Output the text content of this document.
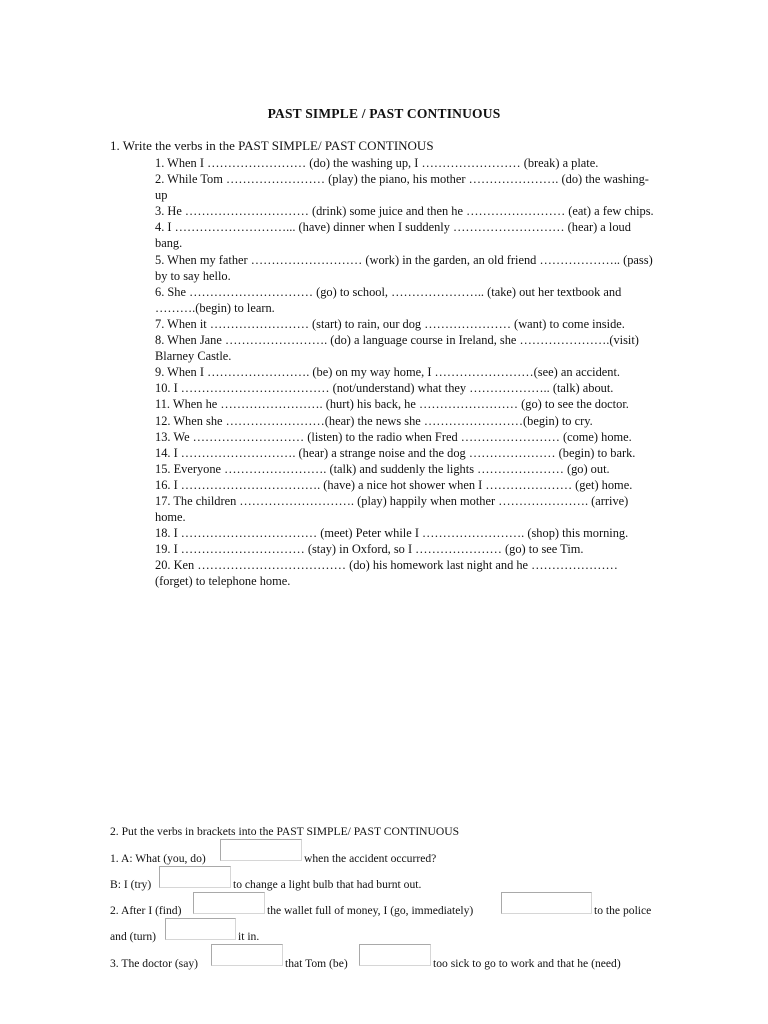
PAST SIMPLE / PAST CONTINUOUS
1. Write the verbs in the PAST SIMPLE/ PAST CONTINOUS

1. When I …………………… (do) the washing up, I …………………… (break) a plate.

2. While Tom …………………… (play) the piano, his mother …………………. (do) the washing-up

3. He ………………………… (drink) some juice and then he …………………… (eat) a few chips.

4. I ………………………... (have) dinner when I suddenly ……………………… (hear) a loud bang.

5. When my father ……………………… (work) in the garden, an old friend ……………….. (pass) by to say hello.

6. She ………………………… (go) to school, ………………….. (take) out her textbook and ……….(begin) to learn.

7. When it …………………… (start) to rain, our dog ………………… (want) to come inside.

8. When Jane ……………………. (do) a language course in Ireland, she ………………….(visit) Blarney Castle.

9. When I ……………………. (be) on my way home, I ……………………(see) an accident.

10. I ……………………………… (not/understand) what they ……………….. (talk) about.

11. When he ……………………. (hurt) his back, he …………………… (go) to see the doctor.

12. When she ……………………(hear) the news she ……………………(begin) to cry.

13. We ……………………… (listen) to the radio when Fred …………………… (come) home.

14. I ………………………. (hear) a strange noise and the dog ………………… (begin) to bark.

15. Everyone ……………………. (talk) and suddenly the lights ………………… (go) out.

16. I ……………………………. (have) a nice hot shower when I ………………… (get) home.

17. The children ………………………. (play) happily when mother …………………. (arrive) home.

18. I …………………………… (meet) Peter while I ……………………. (shop) this morning.

19. I ………………………… (stay) in Oxford, so I ………………… (go) to see Tim.

20. Ken ……………………………… (do) his homework last night and he ………………… (forget) to telephone home.

2. Put the verbs in brackets into the PAST SIMPLE/ PAST CONTINUOUS
1. A: What (you, do)	when the accident occurred?
B: I (try)	to change a light bulb that had burnt out.
2. After I (find)	the wallet full of money, I (go, immediately)	to the police
and (turn)	it in.
3. The doctor (say)	that Tom (be)	too sick to go to work and that he (need)
